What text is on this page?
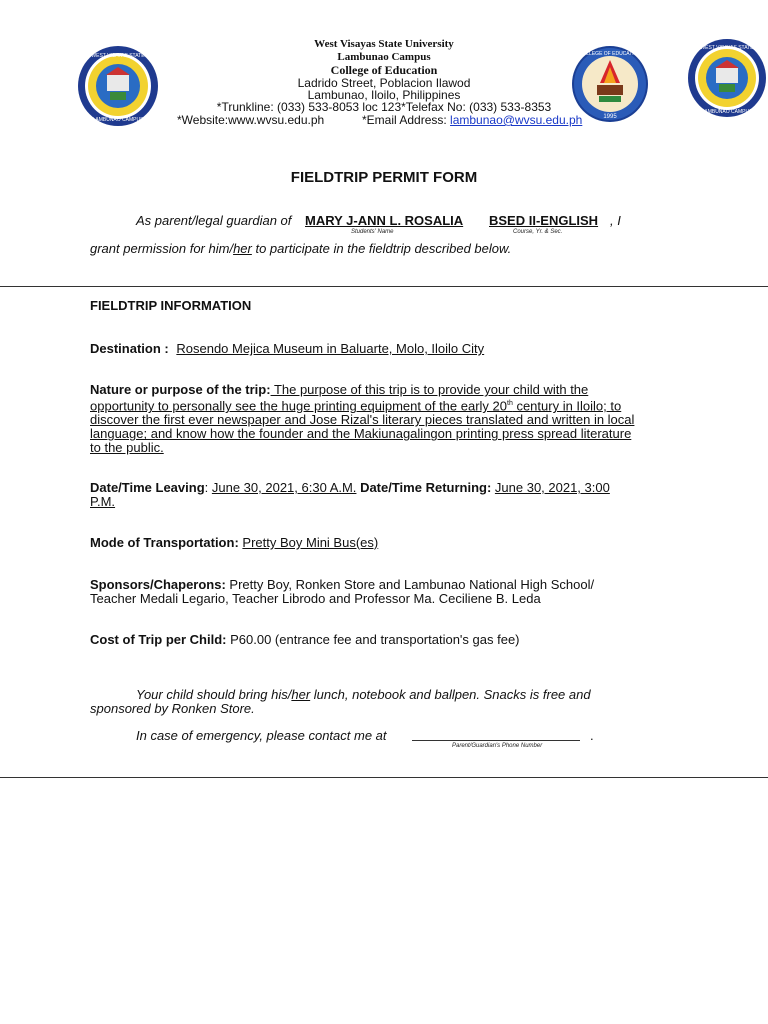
WEST VISAYAS STATE
LAMBUNAO CAMPUS
COLLEGE OF EDUCATION
1995
WEST VISAYAS STATE
LAMBUNAO CAMPUS
West Visayas State University
Lambunao Campus
College of Education
Ladrido Street, Poblacion Ilawod
Lambunao, Iloilo, Philippines
*Trunkline: (033) 533-8053 loc 123*Telefax No: (033) 533-8353
*Website:www.wvsu.edu.ph	*Email Address: lambunao@wvsu.edu.ph
FIELDTRIP PERMIT FORM
As parent/legal guardian of MARY J-ANN L. ROSALIA BSED II-ENGLISH , I
Students' Name	Course, Yr. & Sec.
grant permission for him/her to participate in the fieldtrip described below.
FIELDTRIP INFORMATION
Destination : Rosendo Mejica Museum in Baluarte, Molo, Iloilo City
Nature or purpose of the trip: The purpose of this trip is to provide your child with the
opportunity to personally see the huge printing equipment of the early 20th century in Iloilo; to
discover the first ever newspaper and Jose Rizal's literary pieces translated and written in local
language; and know how the founder and the Makiunagalingon printing press spread literature
to the public.
Date/Time Leaving: June 30, 2021, 6:30 A.M. Date/Time Returning: June 30, 2021, 3:00
P.M.
Mode of Transportation: Pretty Boy Mini Bus(es)
Sponsors/Chaperons: Pretty Boy, Ronken Store and Lambunao National High School/
Teacher Medali Legario, Teacher Librodo and Professor Ma. Ceciliene B. Leda
Cost of Trip per Child: P60.00 (entrance fee and transportation's gas fee)
Your child should bring his/her lunch, notebook and ballpen. Snacks is free and
sponsored by Ronken Store.
In case of emergency, please contact me at	.
Parent/Guardian's Phone Number
